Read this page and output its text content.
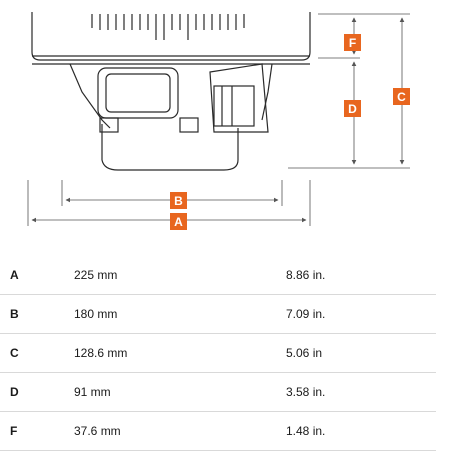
F
D
C
B
A
A	225 mm	8.86 in.
B	180 mm	7.09 in.
C	128.6 mm	5.06 in
D	91 mm	3.58 in.
F	37.6 mm	1.48 in.
